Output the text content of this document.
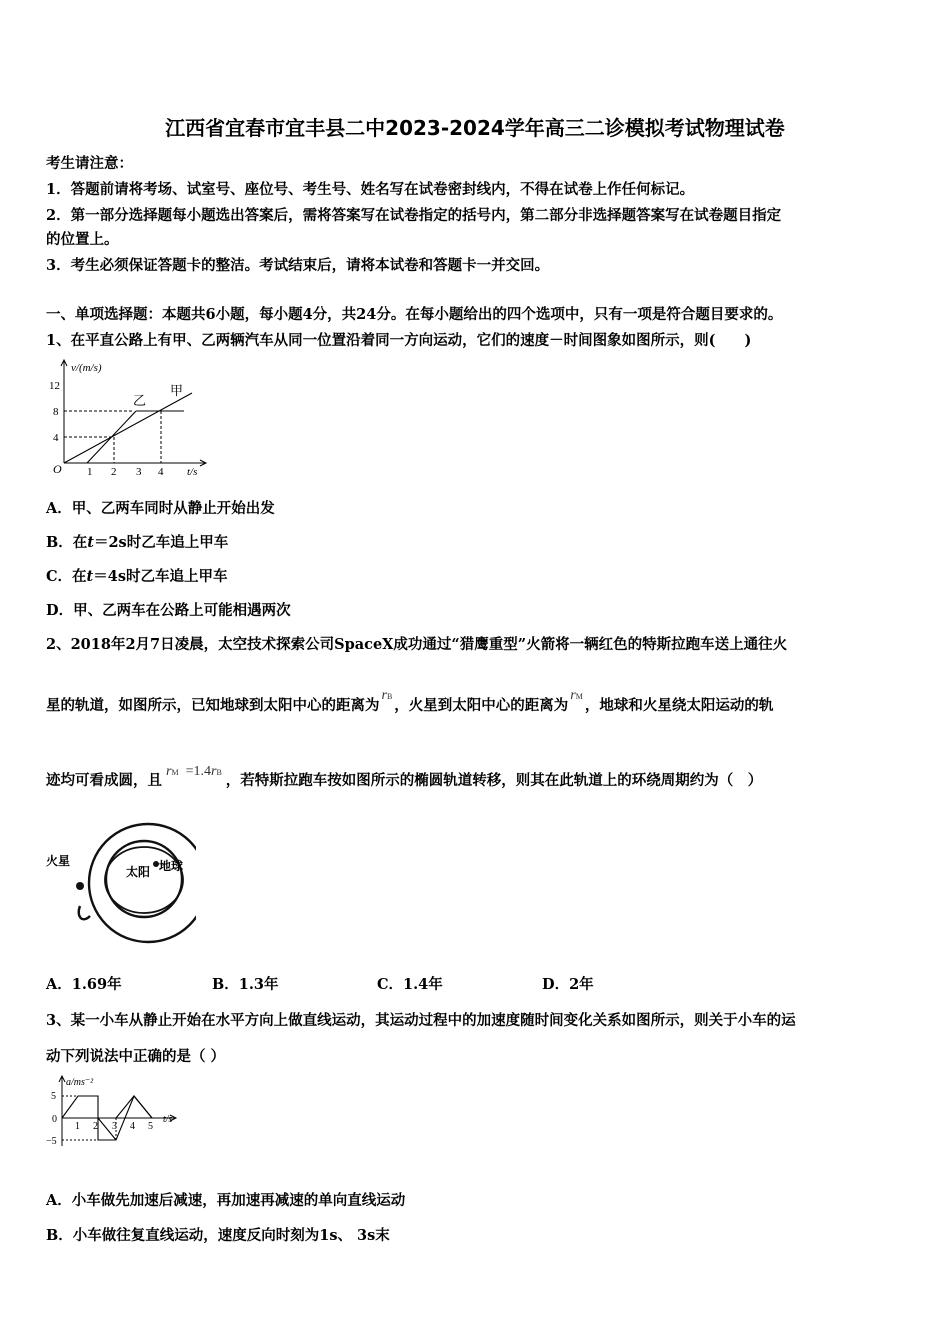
江西省宜春市宜丰县二中2023-2024学年高三二诊模拟考试物理试卷
考生请注意：
1．答题前请将考场、试室号、座位号、考生号、姓名写在试卷密封线内，不得在试卷上作任何标记。
2．第一部分选择题每小题选出答案后，需将答案写在试卷指定的括号内，第二部分非选择题答案写在试卷题目指定
的位置上。
3．考生必须保证答题卡的整洁。考试结束后，请将本试卷和答题卡一并交回。
一、单项选择题：本题共6小题，每小题4分，共24分。在每小题给出的四个选项中，只有一项是符合题目要求的。
1、在平直公路上有甲、乙两辆汽车从同一位置沿着同一方向运动，它们的速度－时间图象如图所示，则(　　)
v/(m/s)
12
8
4
O 1 2 3 4 t/s
乙
甲
A．甲、乙两车同时从静止开始出发
B．在t＝2s时乙车追上甲车
C．在t＝4s时乙车追上甲车
D．甲、乙两车在公路上可能相遇两次
2、2018年2月7日凌晨，太空技术探索公司SpaceX成功通过“猎鹰重型”火箭将一辆红色的特斯拉跑车送上通往火
星的轨道，如图所示，已知地球到太阳中心的距离为rB，火星到太阳中心的距离为rM，地球和火星绕太阳运动的轨
迹均可看成圆，且rM =1.4rB ，若特斯拉跑车按如图所示的椭圆轨道转移，则其在此轨道上的环绕周期约为（　）
火星
太阳 地球
A．1.69年	B．1.3年	C．1.4年	D．2年
3、某一小车从静止开始在水平方向上做直线运动，其运动过程中的加速度随时间变化关系如图所示，则关于小车的运
动下列说法中正确的是（ ）
a/ms⁻²
5
0
−5
1 2 3 4 5
t/s
A．小车做先加速后减速，再加速再减速的单向直线运动
B．小车做往复直线运动，速度反向时刻为1s、 3s末
